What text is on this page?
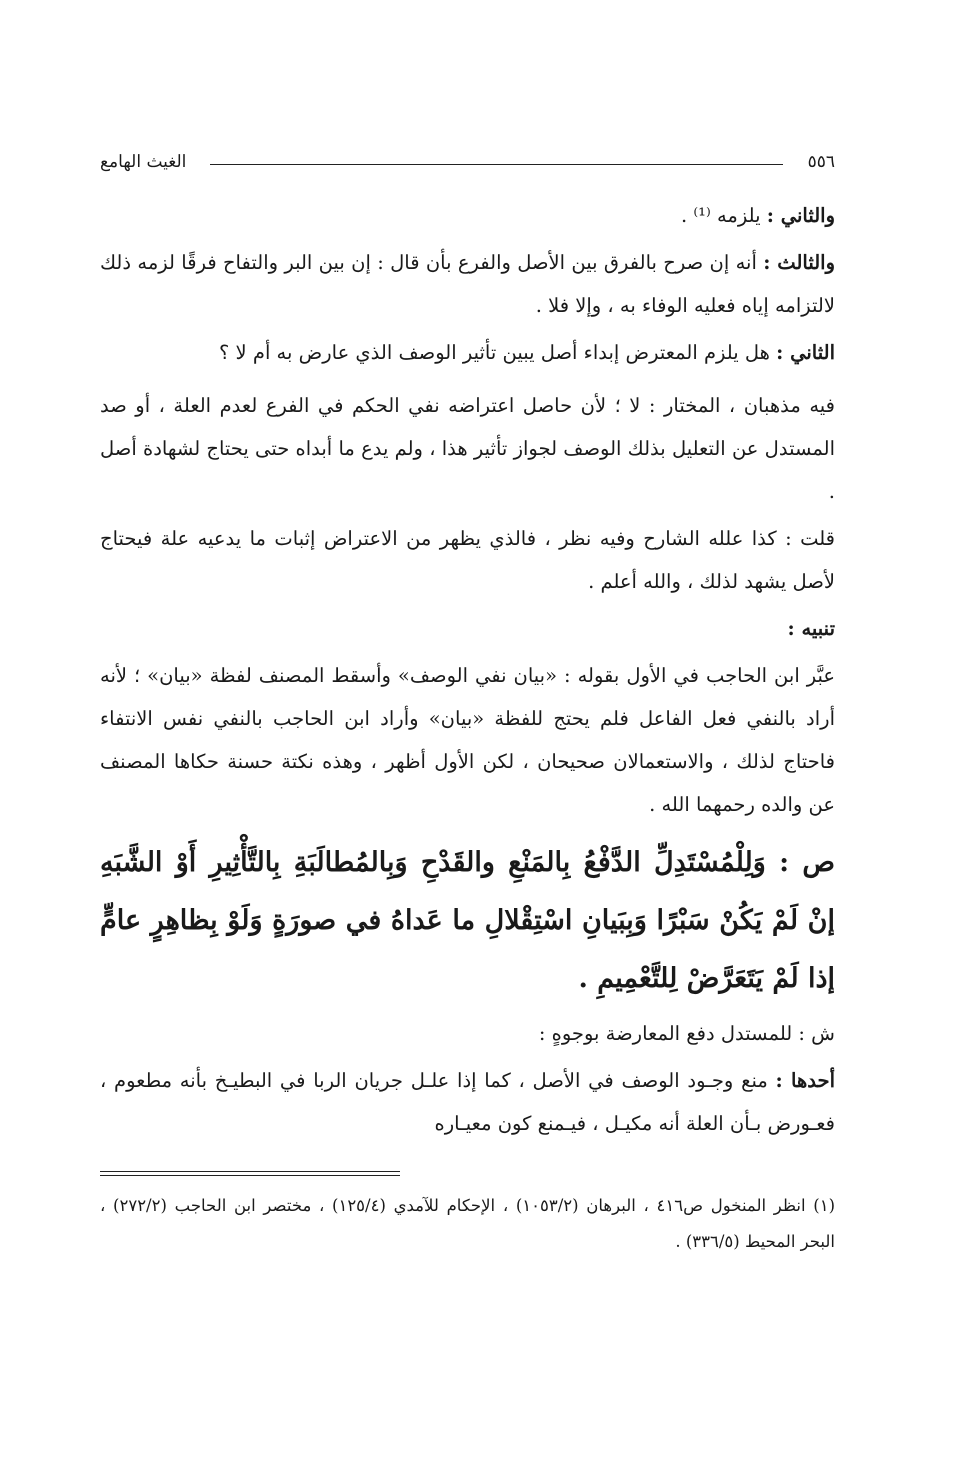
٥٥٦
الغيث الهامع

والثاني : يلزمه ⁽¹⁾ .

والثالث : أنه إن صرح بالفرق بين الأصل والفرع بأن قال : إن بين البر والتفاح فرقًا لزمه ذلك لالتزامه إياه فعليه الوفاء به ، وإلا فلا .

الثاني : هل يلزم المعترض إبداء أصل يبين تأثير الوصف الذي عارض به أم لا ؟

فيه مذهبان ، المختار : لا ؛ لأن حاصل اعتراضه نفي الحكم في الفرع لعدم العلة ، أو صد المستدل عن التعليل بذلك الوصف لجواز تأثير هذا ، ولم يدع ما أبداه حتى يحتاج لشهادة أصل .

قلت : كذا علله الشارح وفيه نظر ، فالذي يظهر من الاعتراض إثبات ما يدعيه علة فيحتاج لأصل يشهد لذلك ، والله أعلم .

تنبيه :

عبَّر ابن الحاجب في الأول بقوله : «بيان نفي الوصف» وأسقط المصنف لفظة «بيان» ؛ لأنه أراد بالنفي فعل الفاعل فلم يحتج للفظة «بيان» وأراد ابن الحاجب بالنفي نفس الانتفاء فاحتاج لذلك ، والاستعمالان صحيحان ، لكن الأول أظهر ، وهذه نكتة حسنة حكاها المصنف عن والده رحمهما الله .

ص : وَلِلْمُسْتَدِلِّ الدَّفْعُ بِالمَنْعِ والقَدْحِ وَبِالمُطالَبَةِ بِالتَّأْثِيرِ أَوْ الشَّبَهِ إنْ لَمْ يَكُنْ سَبْرًا وَبِبَيانِ اسْتِقْلالِ ما عَداهُ في صورَةٍ وَلَوْ بِظاهِرٍ عامٍّ إذا لَمْ يَتَعَرَّضْ لِلتَّعْمِيمِ .

ش : للمستدل دفع المعارضة بوجوهٍ :

أحدها : منع وجـود الوصف في الأصل ، كما إذا علـل جريان الربا في البطيـخ بأنه مطعوم ، فعـورض بـأن العلة أنه مكيـل ، فيـمنع كون معيـاره

(١) انظر المنخول ص٤١٦ ، البرهان (١٠٥٣/٢) ، الإحكام للآمدي (١٢٥/٤) ، مختصر ابن الحاجب (٢٧٢/٢) ، البحر المحيط (٣٣٦/٥) .
